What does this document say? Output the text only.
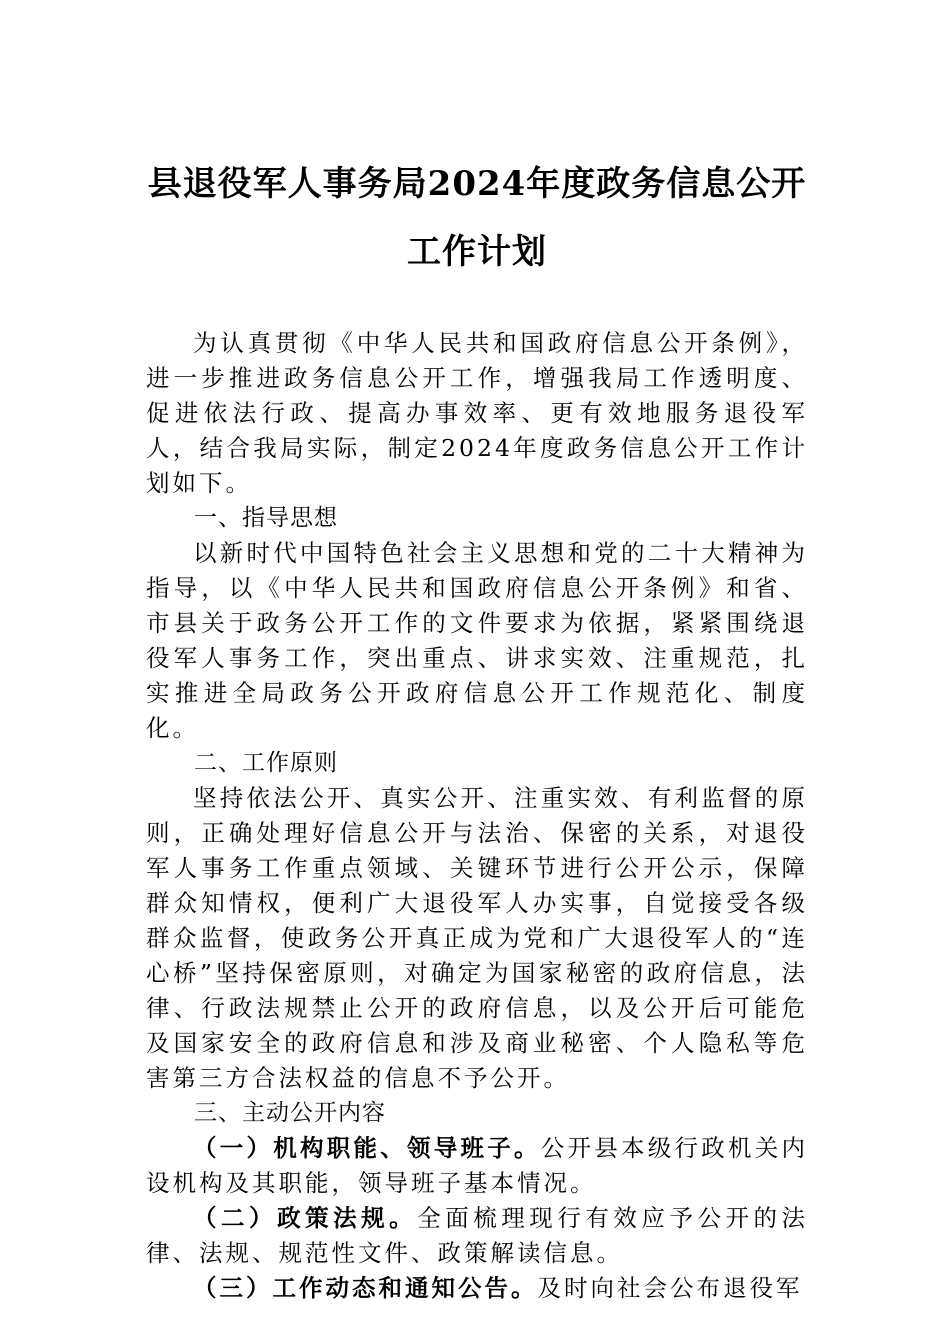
县退役军人事务局2024年度政务信息公开
工作计划

为认真贯彻《中华人民共和国政府信息公开条例》，进一步推进政务信息公开工作，增强我局工作透明度、促进依法行政、提高办事效率、更有效地服务退役军人，结合我局实际，制定2024年度政务信息公开工作计划如下。

一、指导思想

以新时代中国特色社会主义思想和党的二十大精神为指导，以《中华人民共和国政府信息公开条例》和省、市县关于政务公开工作的文件要求为依据，紧紧围绕退役军人事务工作，突出重点、讲求实效、注重规范，扎实推进全局政务公开政府信息公开工作规范化、制度化。

二、工作原则

坚持依法公开、真实公开、注重实效、有利监督的原则，正确处理好信息公开与法治、保密的关系，对退役军人事务工作重点领域、关键环节进行公开公示，保障群众知情权，便利广大退役军人办实事，自觉接受各级群众监督，使政务公开真正成为党和广大退役军人的“连心桥”坚持保密原则，对确定为国家秘密的政府信息，法律、行政法规禁止公开的政府信息，以及公开后可能危及国家安全的政府信息和涉及商业秘密、个人隐私等危害第三方合法权益的信息不予公开。

三、主动公开内容

（一）机构职能、领导班子。公开县本级行政机关内设机构及其职能，领导班子基本情况。

（二）政策法规。全面梳理现行有效应予公开的法律、法规、规范性文件、政策解读信息。

（三）工作动态和通知公告。及时向社会公布退役军
